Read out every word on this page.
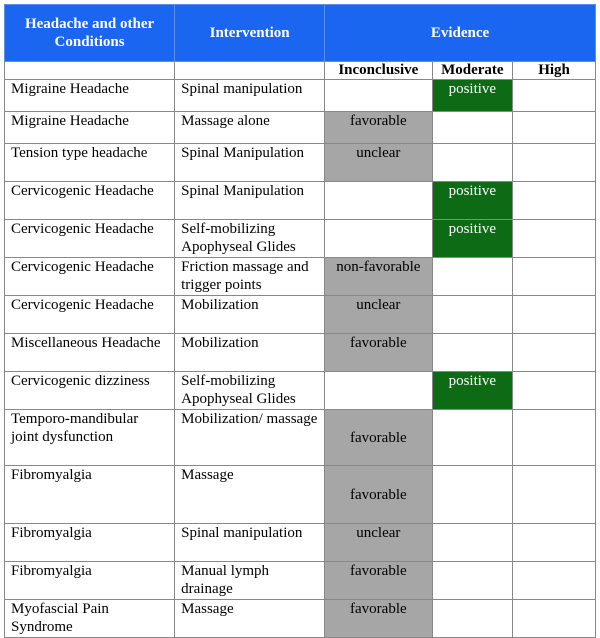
Headache and other Conditions	Intervention	Evidence		
		Inconclusive	Moderate	High
Migraine Headache	Spinal manipulation		positive	
Migraine Headache	Massage alone	favorable		
Tension type headache	Spinal Manipulation	unclear		
Cervicogenic Headache	Spinal Manipulation		positive	
Cervicogenic Headache	Self-mobilizing Apophyseal Glides		positive	
Cervicogenic Headache	Friction massage and trigger points	non-favorable		
Cervicogenic Headache	Mobilization	unclear		
Miscellaneous Headache	Mobilization	favorable		
Cervicogenic dizziness	Self-mobilizing Apophyseal Glides		positive	
Temporo-mandibular joint dysfunction	Mobilization/ massage	favorable		
Fibromyalgia	Massage	favorable		
Fibromyalgia	Spinal manipulation	unclear		
Fibromyalgia	Manual lymph drainage	favorable		
Myofascial Pain Syndrome	Massage	favorable		
